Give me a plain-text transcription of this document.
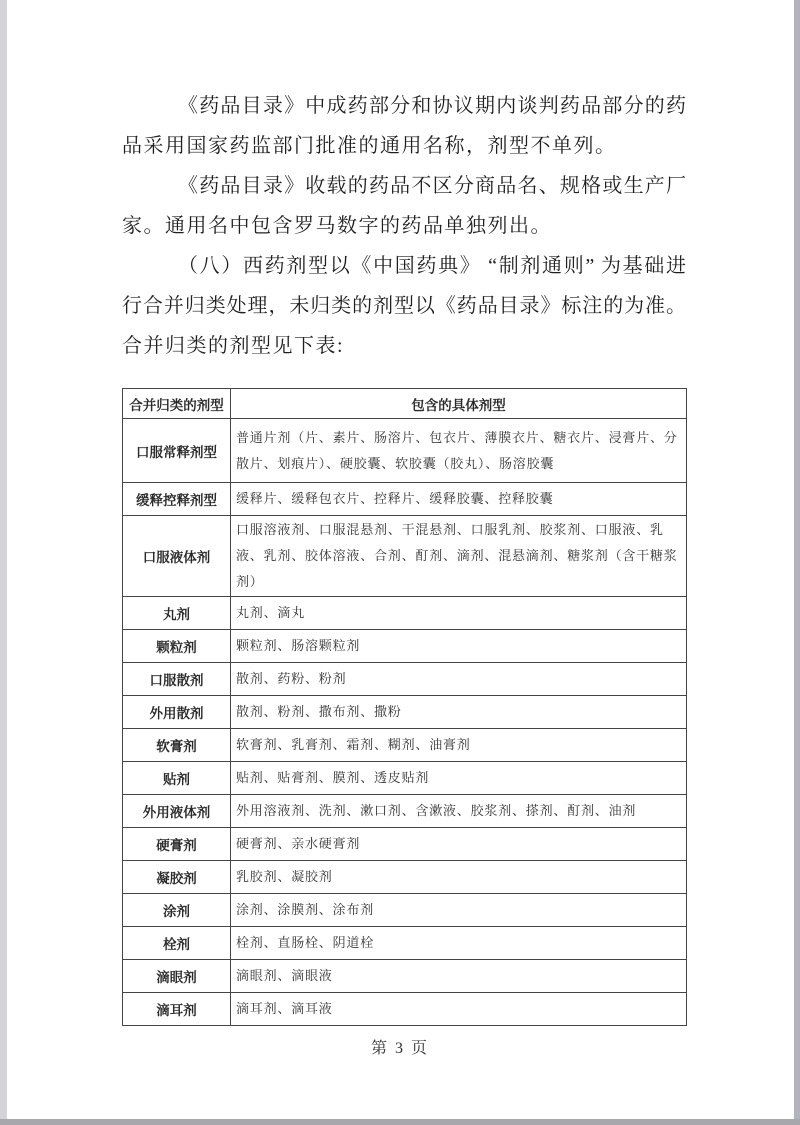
《药品目录》中成药部分和协议期内谈判药品部分的药
品采用国家药监部门批准的通用名称，剂型不单列。
《药品目录》收载的药品不区分商品名、规格或生产厂
家。通用名中包含罗马数字的药品单独列出。
（八）西药剂型以《中国药典》 “制剂通则” 为基础进
行合并归类处理，未归类的剂型以《药品目录》标注的为准。
合并归类的剂型见下表:
合并归类的剂型	包含的具体剂型
口服常释剂型	普通片剂（片、素片、肠溶片、包衣片、薄膜衣片、糖衣片、浸膏片、分散片、划痕片）、硬胶囊、软胶囊（胶丸）、肠溶胶囊
缓释控释剂型	缓释片、缓释包衣片、控释片、缓释胶囊、控释胶囊
口服液体剂	口服溶液剂、口服混悬剂、干混悬剂、口服乳剂、胶浆剂、口服液、乳液、乳剂、胶体溶液、合剂、酊剂、滴剂、混悬滴剂、糖浆剂（含干糖浆剂）
丸剂	丸剂、滴丸
颗粒剂	颗粒剂、肠溶颗粒剂
口服散剂	散剂、药粉、粉剂
外用散剂	散剂、粉剂、撒布剂、撒粉
软膏剂	软膏剂、乳膏剂、霜剂、糊剂、油膏剂
贴剂	贴剂、贴膏剂、膜剂、透皮贴剂
外用液体剂	外用溶液剂、洗剂、漱口剂、含漱液、胶浆剂、搽剂、酊剂、油剂
硬膏剂	硬膏剂、亲水硬膏剂
凝胶剂	乳胶剂、凝胶剂
涂剂	涂剂、涂膜剂、涂布剂
栓剂	栓剂、直肠栓、阴道栓
滴眼剂	滴眼剂、滴眼液
滴耳剂	滴耳剂、滴耳液
第 3 页
